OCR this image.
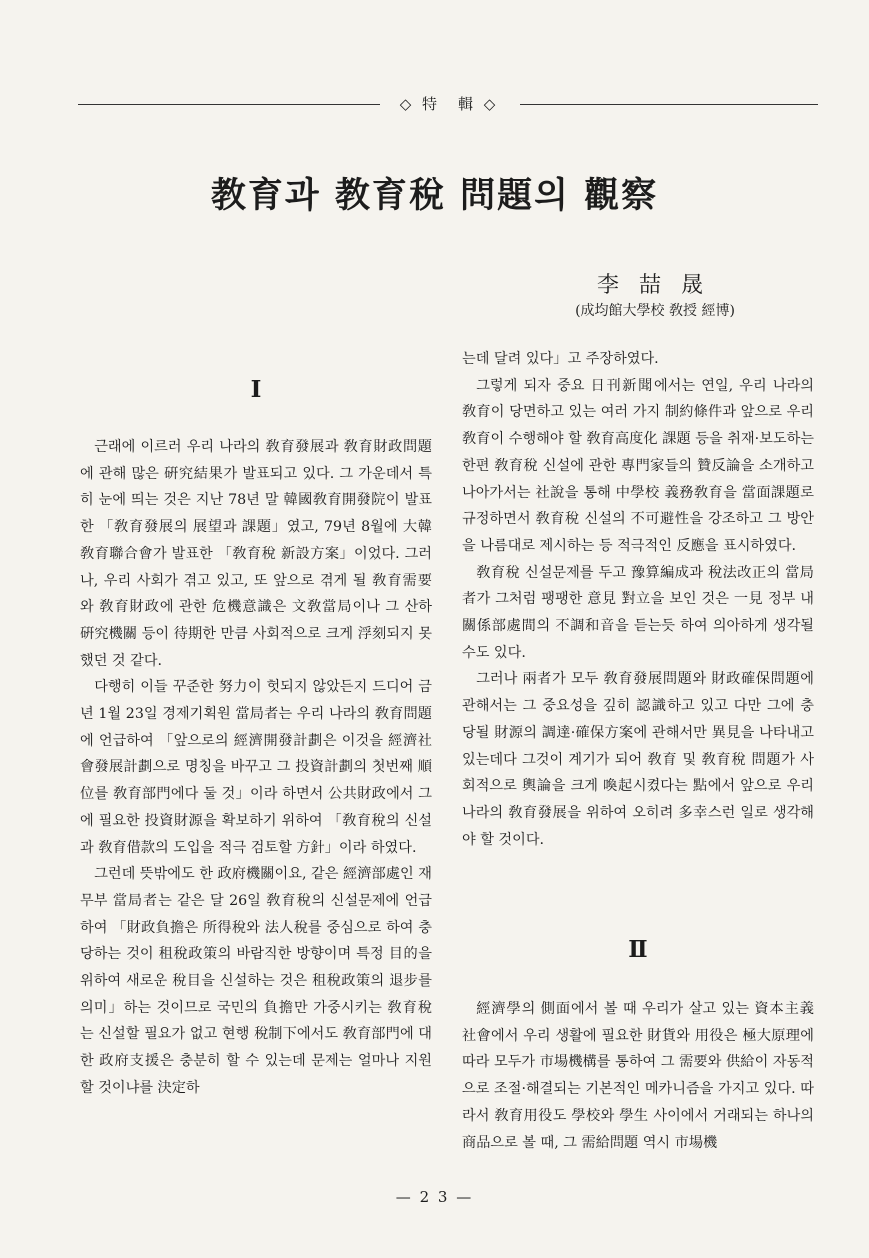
◇ 特　輯 ◇
教育과 教育稅 問題의 觀察
李喆晟
(成均館大學校 敎授 經博)
I

근래에 이르러 우리 나라의 敎育發展과 敎育財政問題에 관해 많은 硏究結果가 발표되고 있다. 그 가운데서 특히 눈에 띄는 것은 지난 78년 말 韓國敎育開發院이 발표한 「敎育發展의 展望과 課題」였고, 79년 8월에 大韓敎育聯合會가 발표한 「敎育稅 新設方案」이었다. 그러나, 우리 사회가 겪고 있고, 또 앞으로 겪게 될 敎育需要와 敎育財政에 관한 危機意識은 文敎當局이나 그 산하 硏究機關 등이 待期한 만큼 사회적으로 크게 浮刻되지 못했던 것 같다.

다행히 이들 꾸준한 努力이 헛되지 않았든지 드디어 금년 1월 23일 경제기획원 當局者는 우리 나라의 敎育問題에 언급하여 「앞으로의 經濟開發計劃은 이것을 經濟社會發展計劃으로 명칭을 바꾸고 그 投資計劃의 첫번째 順位를 敎育部門에다 둘 것」이라 하면서 公共財政에서 그에 필요한 投資財源을 확보하기 위하여 「敎育稅의 신설과 敎育借款의 도입을 적극 검토할 方針」이라 하였다.

그런데 뜻밖에도 한 政府機關이요, 같은 經濟部處인 재무부 當局者는 같은 달 26일 敎育稅의 신설문제에 언급하여 「財政負擔은 所得稅와 法人稅를 중심으로 하여 충당하는 것이 租稅政策의 바람직한 방향이며 특정 目的을 위하여 새로운 稅目을 신설하는 것은 租稅政策의 退步를 의미」하는 것이므로 국민의 負擔만 가중시키는 敎育稅는 신설할 필요가 없고 현행 稅制下에서도 敎育部門에 대한 政府支援은 충분히 할 수 있는데 문제는 얼마나 지원할 것이냐를 決定하

는데 달려 있다」고 주장하였다.

그렇게 되자 중요 日刊新聞에서는 연일, 우리 나라의 敎育이 당면하고 있는 여러 가지 制約條件과 앞으로 우리 敎育이 수행해야 할 敎育高度化 課題 등을 취재·보도하는 한편 敎育稅 신설에 관한 專門家들의 贊反論을 소개하고 나아가서는 社說을 통해 中學校 義務敎育을 當面課題로 규정하면서 敎育稅 신설의 不可避性을 강조하고 그 방안을 나름대로 제시하는 등 적극적인 反應을 표시하였다.

敎育稅 신설문제를 두고 豫算編成과 稅法改正의 當局者가 그처럼 팽팽한 意見 對立을 보인 것은 一見 정부 내 關係部處間의 不調和音을 듣는듯 하여 의아하게 생각될 수도 있다.

그러나 兩者가 모두 敎育發展問題와 財政確保問題에 관해서는 그 중요성을 깊히 認識하고 있고 다만 그에 충당될 財源의 調達·確保方案에 관해서만 異見을 나타내고 있는데다 그것이 계기가 되어 敎育 및 敎育稅 問題가 사회적으로 輿論을 크게 喚起시켰다는 點에서 앞으로 우리 나라의 敎育發展을 위하여 오히려 多幸스런 일로 생각해야 할 것이다.

Ⅱ

經濟學의 側面에서 볼 때 우리가 살고 있는 資本主義 社會에서 우리 생활에 필요한 財貨와 用役은 極大原理에 따라 모두가 市場機構를 통하여 그 需要와 供給이 자동적으로 조절·해결되는 기본적인 메카니즘을 가지고 있다. 따라서 敎育用役도 學校와 學生 사이에서 거래되는 하나의 商品으로 볼 때, 그 需給問題 역시 市場機

— 2 3 —
